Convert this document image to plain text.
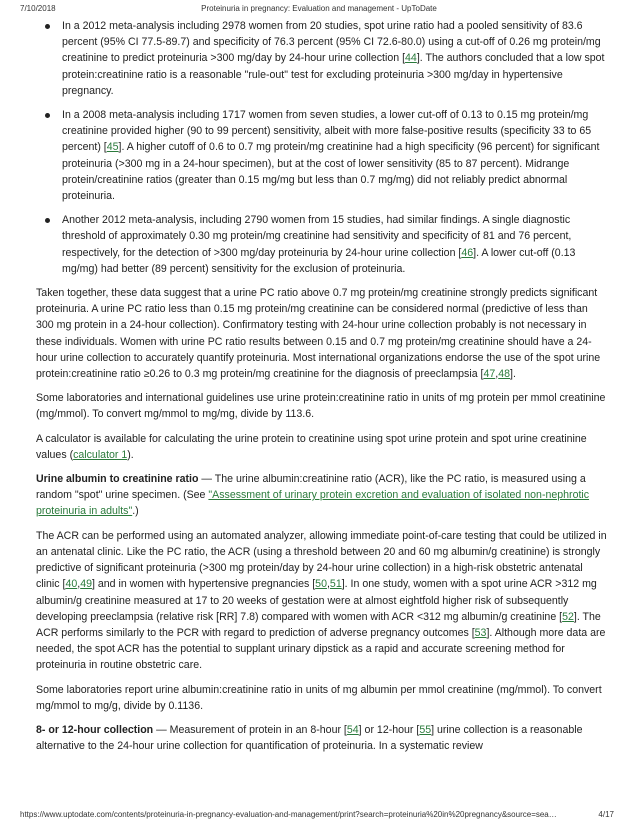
7/10/2018	Proteinuria in pregnancy: Evaluation and management - UpToDate
In a 2012 meta-analysis including 2978 women from 20 studies, spot urine ratio had a pooled sensitivity of 83.6 percent (95% CI 77.5-89.7) and specificity of 76.3 percent (95% CI 72.6-80.0) using a cut-off of 0.26 mg protein/mg creatinine to predict proteinuria >300 mg/day by 24-hour urine collection [44]. The authors concluded that a low spot protein:creatinine ratio is a reasonable "rule-out" test for excluding proteinuria >300 mg/day in hypertensive pregnancy.
In a 2008 meta-analysis including 1717 women from seven studies, a lower cut-off of 0.13 to 0.15 mg protein/mg creatinine provided higher (90 to 99 percent) sensitivity, albeit with more false-positive results (specificity 33 to 65 percent) [45]. A higher cutoff of 0.6 to 0.7 mg protein/mg creatinine had a high specificity (96 percent) for significant proteinuria (>300 mg in a 24-hour specimen), but at the cost of lower sensitivity (85 to 87 percent). Midrange protein/creatinine ratios (greater than 0.15 mg/mg but less than 0.7 mg/mg) did not reliably predict abnormal proteinuria.
Another 2012 meta-analysis, including 2790 women from 15 studies, had similar findings. A single diagnostic threshold of approximately 0.30 mg protein/mg creatinine had sensitivity and specificity of 81 and 76 percent, respectively, for the detection of >300 mg/day proteinuria by 24-hour urine collection [46]. A lower cut-off (0.13 mg/mg) had better (89 percent) sensitivity for the exclusion of proteinuria.

Taken together, these data suggest that a urine PC ratio above 0.7 mg protein/mg creatinine strongly predicts significant proteinuria. A urine PC ratio less than 0.15 mg protein/mg creatinine can be considered normal (predictive of less than 300 mg protein in a 24-hour collection). Confirmatory testing with 24-hour urine collection probably is not necessary in these individuals. Women with urine PC ratio results between 0.15 and 0.7 mg protein/mg creatinine should have a 24-hour urine collection to accurately quantify proteinuria. Most international organizations endorse the use of the spot urine protein:creatinine ratio ≥0.26 to 0.3 mg protein/mg creatinine for the diagnosis of preeclampsia [47,48].

Some laboratories and international guidelines use urine protein:creatinine ratio in units of mg protein per mmol creatinine (mg/mmol). To convert mg/mmol to mg/mg, divide by 113.6.

A calculator is available for calculating the urine protein to creatinine using spot urine protein and spot urine creatinine values (calculator 1).

Urine albumin to creatinine ratio — The urine albumin:creatinine ratio (ACR), like the PC ratio, is measured using a random "spot" urine specimen. (See "Assessment of urinary protein excretion and evaluation of isolated non-nephrotic proteinuria in adults".)

The ACR can be performed using an automated analyzer, allowing immediate point-of-care testing that could be utilized in an antenatal clinic. Like the PC ratio, the ACR (using a threshold between 20 and 60 mg albumin/g creatinine) is strongly predictive of significant proteinuria (>300 mg protein/day by 24-hour urine collection) in a high-risk obstetric antenatal clinic [40,49] and in women with hypertensive pregnancies [50,51]. In one study, women with a spot urine ACR >312 mg albumin/g creatinine measured at 17 to 20 weeks of gestation were at almost eightfold higher risk of subsequently developing preeclampsia (relative risk [RR] 7.8) compared with women with ACR <312 mg albumin/g creatinine [52]. The ACR performs similarly to the PCR with regard to prediction of adverse pregnancy outcomes [53]. Although more data are needed, the spot ACR has the potential to supplant urinary dipstick as a rapid and accurate screening method for proteinuria in routine obstetric care.

Some laboratories report urine albumin:creatinine ratio in units of mg albumin per mmol creatinine (mg/mmol). To convert mg/mmol to mg/g, divide by 0.1136.

8- or 12-hour collection — Measurement of protein in an 8-hour [54] or 12-hour [55] urine collection is a reasonable alternative to the 24-hour urine collection for quantification of proteinuria. In a systematic review

https://www.uptodate.com/contents/proteinuria-in-pregnancy-evaluation-and-management/print?search=proteinuria%20in%20pregnancy&source=sea…	4/17
